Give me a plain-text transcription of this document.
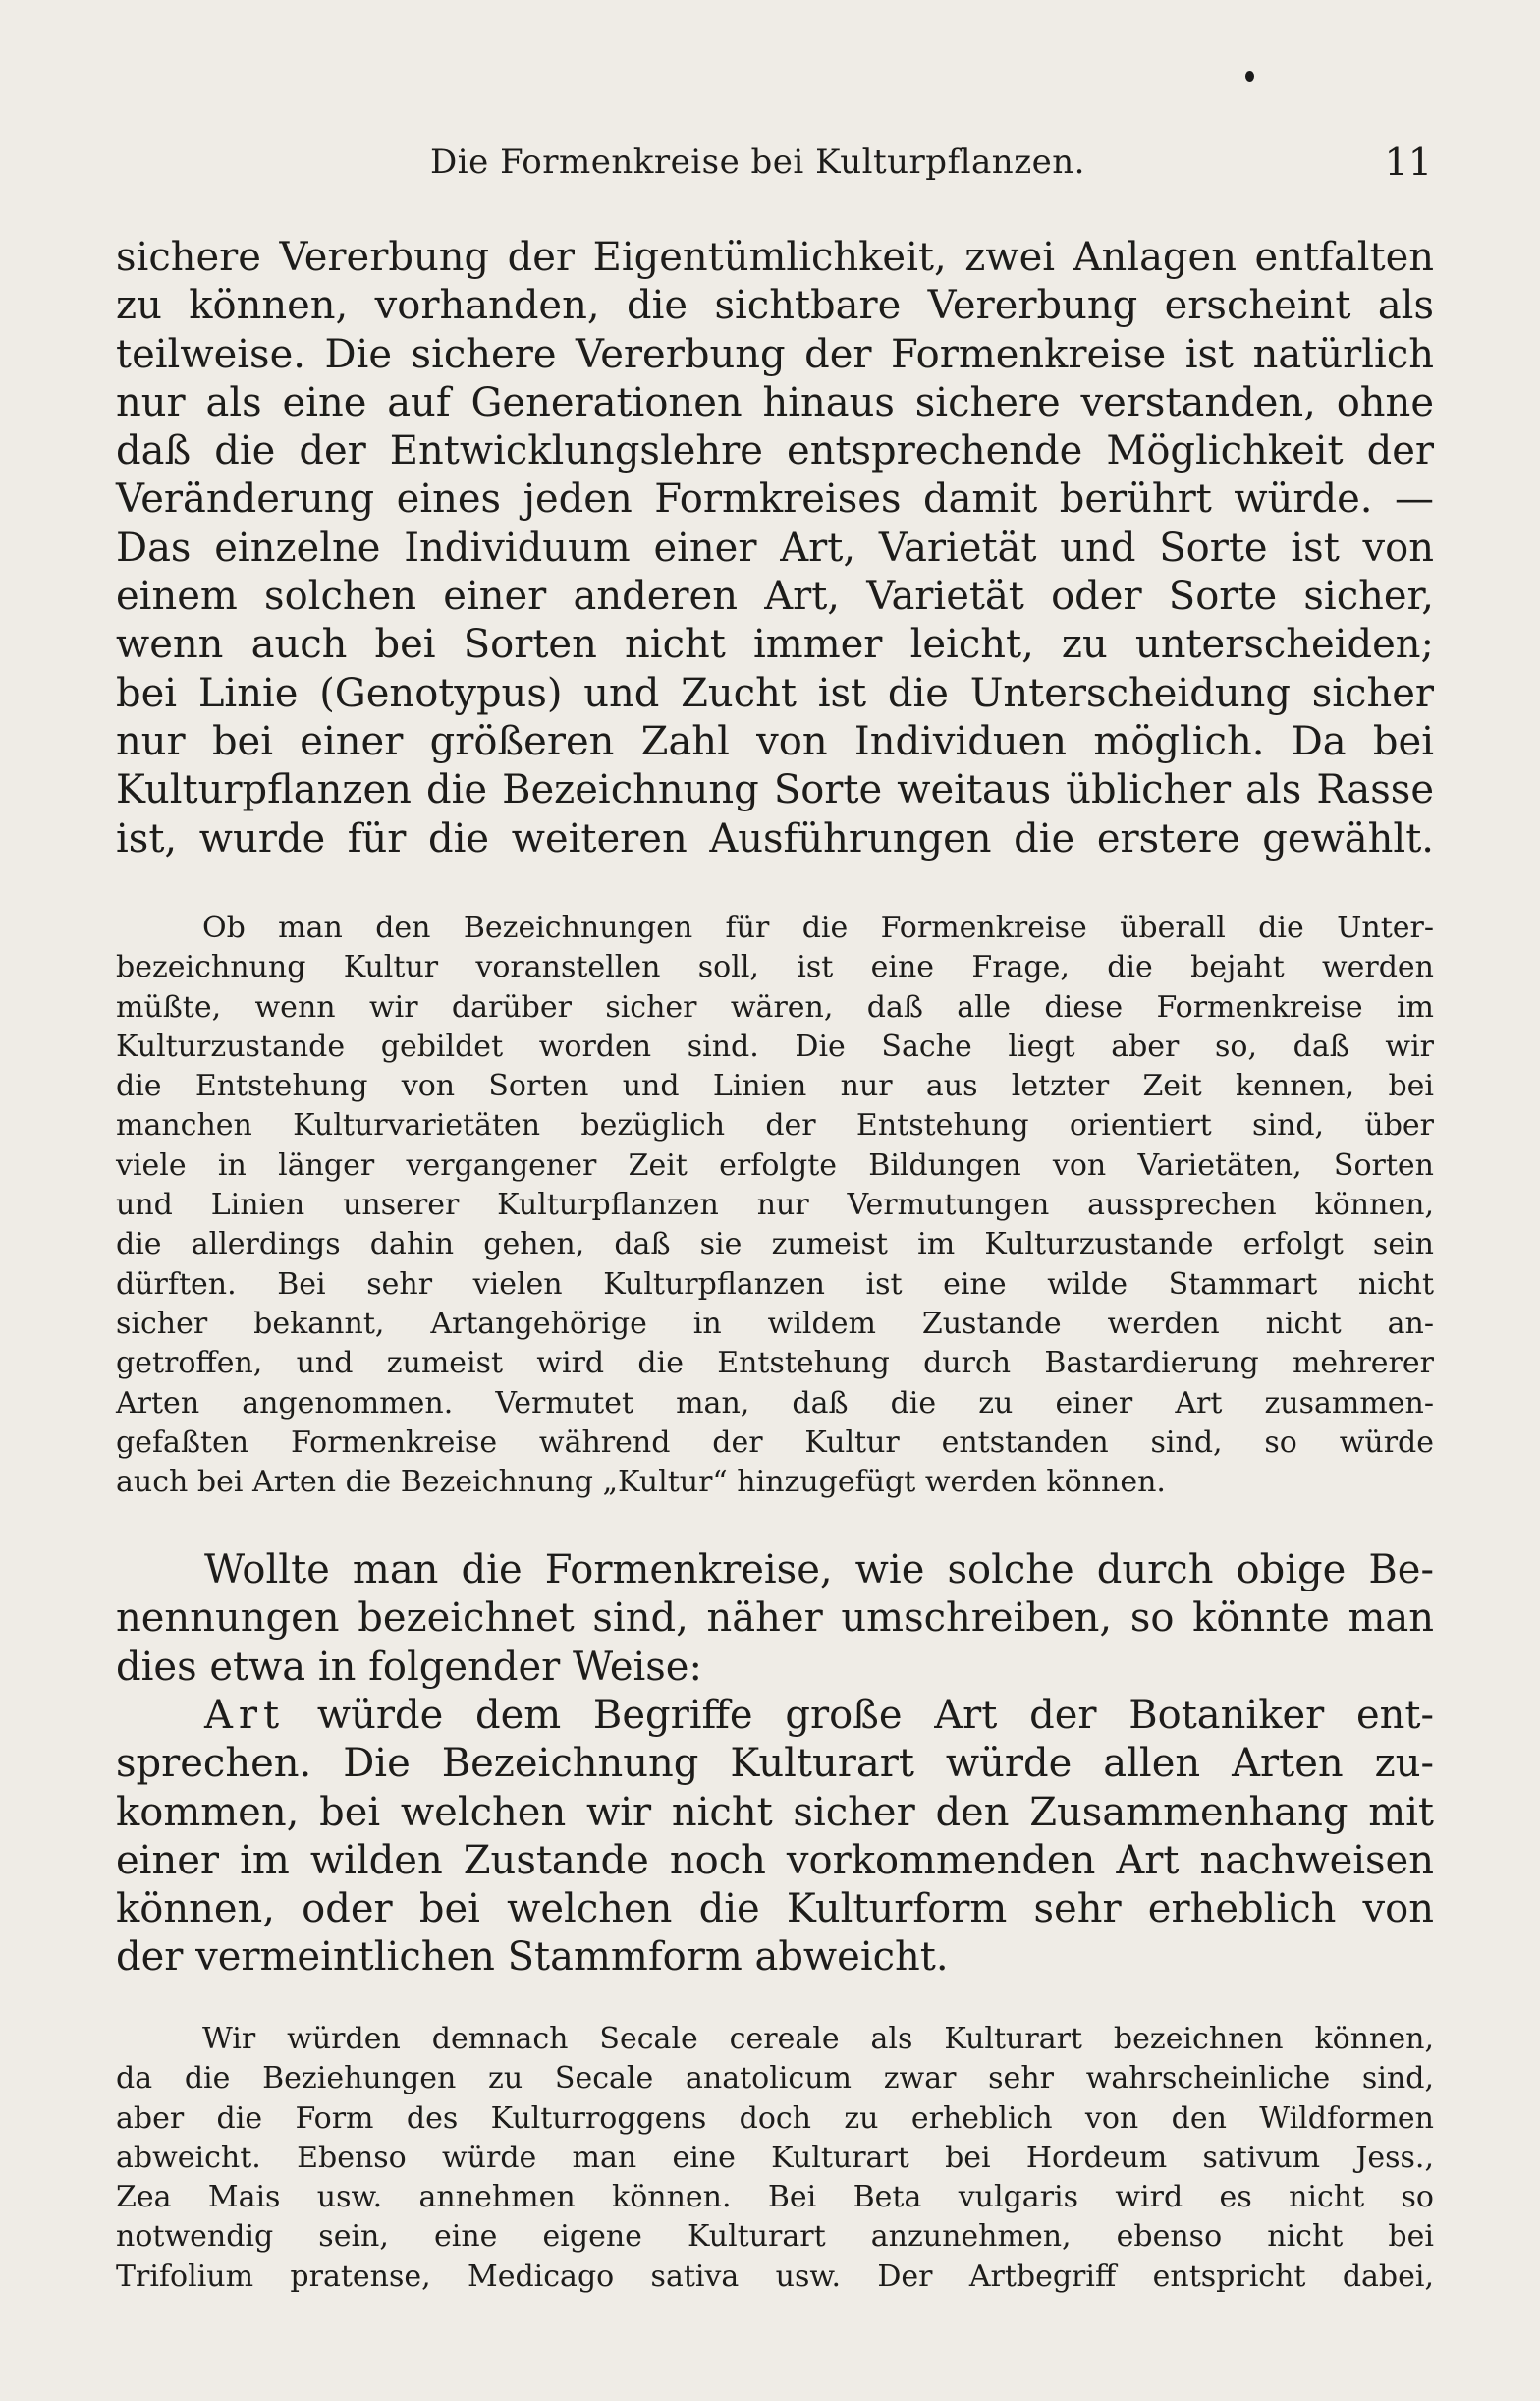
Die Formenkreise bei Kulturpflanzen.	11
sichere Vererbung der Eigentümlichkeit, zwei Anlagen entfalten
zu können, vorhanden, die sichtbare Vererbung erscheint als
teilweise. Die sichere Vererbung der Formenkreise ist natürlich
nur als eine auf Generationen hinaus sichere verstanden, ohne
daß die der Entwicklungslehre entsprechende Möglichkeit der
Veränderung eines jeden Formkreises damit berührt würde. —
Das einzelne Individuum einer Art, Varietät und Sorte ist von
einem solchen einer anderen Art, Varietät oder Sorte sicher,
wenn auch bei Sorten nicht immer leicht, zu unterscheiden;
bei Linie (Genotypus) und Zucht ist die Unterscheidung sicher
nur bei einer größeren Zahl von Individuen möglich. Da bei
Kulturpflanzen die Bezeichnung Sorte weitaus üblicher als Rasse
ist, wurde für die weiteren Ausführungen die erstere gewählt.
Ob man den Bezeichnungen für die Formenkreise überall die Unter-
bezeichnung Kultur voranstellen soll, ist eine Frage, die bejaht werden
müßte, wenn wir darüber sicher wären, daß alle diese Formenkreise im
Kulturzustande gebildet worden sind. Die Sache liegt aber so, daß wir
die Entstehung von Sorten und Linien nur aus letzter Zeit kennen, bei
manchen Kulturvarietäten bezüglich der Entstehung orientiert sind, über
viele in länger vergangener Zeit erfolgte Bildungen von Varietäten, Sorten
und Linien unserer Kulturpflanzen nur Vermutungen aussprechen können,
die allerdings dahin gehen, daß sie zumeist im Kulturzustande erfolgt sein
dürften. Bei sehr vielen Kulturpflanzen ist eine wilde Stammart nicht
sicher bekannt, Artangehörige in wildem Zustande werden nicht an-
getroffen, und zumeist wird die Entstehung durch Bastardierung mehrerer
Arten angenommen. Vermutet man, daß die zu einer Art zusammen-
gefaßten Formenkreise während der Kultur entstanden sind, so würde
auch bei Arten die Bezeichnung „Kultur“ hinzugefügt werden können.
Wollte man die Formenkreise, wie solche durch obige Be-
nennungen bezeichnet sind, näher umschreiben, so könnte man
dies etwa in folgender Weise:
Art würde dem Begriffe große Art der Botaniker ent-
sprechen. Die Bezeichnung Kulturart würde allen Arten zu-
kommen, bei welchen wir nicht sicher den Zusammenhang mit
einer im wilden Zustande noch vorkommenden Art nachweisen
können, oder bei welchen die Kulturform sehr erheblich von
der vermeintlichen Stammform abweicht.
Wir würden demnach Secale cereale als Kulturart bezeichnen können,
da die Beziehungen zu Secale anatolicum zwar sehr wahrscheinliche sind,
aber die Form des Kulturroggens doch zu erheblich von den Wildformen
abweicht. Ebenso würde man eine Kulturart bei Hordeum sativum Jess.,
Zea Mais usw. annehmen können. Bei Beta vulgaris wird es nicht so
notwendig sein, eine eigene Kulturart anzunehmen, ebenso nicht bei
Trifolium pratense, Medicago sativa usw. Der Artbegriff entspricht dabei,
